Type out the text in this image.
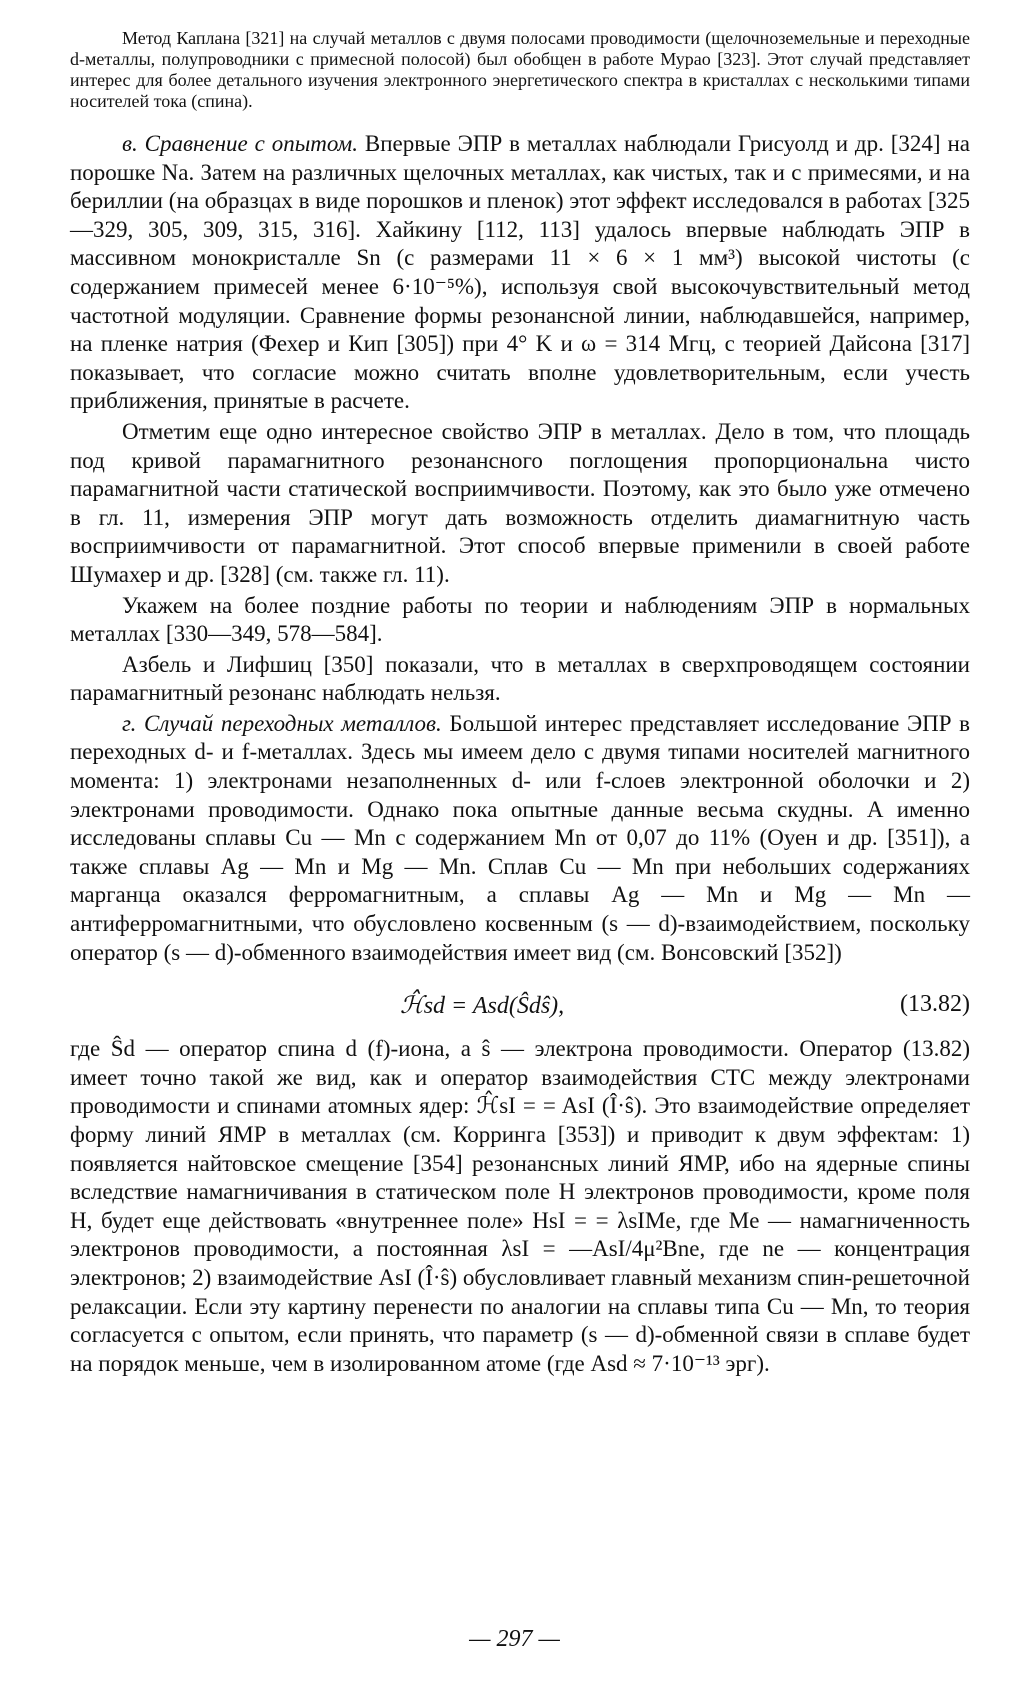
Метод Каплана [321] на случай металлов с двумя полосами проводимости (щелочноземельные и переходные d-металлы, полупроводники с примесной полосой) был обобщен в работе Мурао [323]. Этот случай представляет интерес для более детального изучения электронного энергетического спектра в кристаллах с несколькими типами носителей тока (спина).

в. Сравнение с опытом. Впервые ЭПР в металлах наблюдали Грисуолд и др. [324] на порошке Na. Затем на различных щелочных металлах, как чистых, так и с примесями, и на бериллии (на образцах в виде порошков и пленок) этот эффект исследовался в работах [325—329, 305, 309, 315, 316]. Хайкину [112, 113] удалось впервые наблюдать ЭПР в массивном монокристалле Sn (с размерами 11 × 6 × 1 мм³) высокой чистоты (с содержанием примесей менее 6·10⁻⁵%), используя свой высокочувствительный метод частотной модуляции. Сравнение формы резонансной линии, наблюдавшейся, например, на пленке натрия (Фехер и Кип [305]) при 4° K и ω = 314 Мгц, с теорией Дайсона [317] показывает, что согласие можно считать вполне удовлетворительным, если учесть приближения, принятые в расчете.

Отметим еще одно интересное свойство ЭПР в металлах. Дело в том, что площадь под кривой парамагнитного резонансного поглощения пропорциональна чисто парамагнитной части статической восприимчивости. Поэтому, как это было уже отмечено в гл. 11, измерения ЭПР могут дать возможность отделить диамагнитную часть восприимчивости от парамагнитной. Этот способ впервые применили в своей работе Шумахер и др. [328] (см. также гл. 11).

Укажем на более поздние работы по теории и наблюдениям ЭПР в нормальных металлах [330—349, 578—584].

Азбель и Лифшиц [350] показали, что в металлах в сверхпроводящем состоянии парамагнитный резонанс наблюдать нельзя.

г. Случай переходных металлов. Большой интерес представляет исследование ЭПР в переходных d- и f-металлах. Здесь мы имеем дело с двумя типами носителей магнитного момента: 1) электронами незаполненных d- или f-слоев электронной оболочки и 2) электронами проводимости. Однако пока опытные данные весьма скудны. А именно исследованы сплавы Cu — Mn с содержанием Mn от 0,07 до 11% (Оуен и др. [351]), а также сплавы Ag — Mn и Mg — Mn. Сплав Cu — Mn при небольших содержаниях марганца оказался ферромагнитным, а сплавы Ag — Mn и Mg — Mn — антиферромагнитными, что обусловлено косвенным (s — d)-взаимодействием, поскольку оператор (s — d)-обменного взаимодействия имеет вид (см. Вонсовский [352])

ℋ̂sd = Asd(Ŝdŝ),	(13.82)

где Ŝd — оператор спина d (f)-иона, а ŝ — электрона проводимости. Оператор (13.82) имеет точно такой же вид, как и оператор взаимодействия СТС между электронами проводимости и спинами атомных ядер: ℋ̂sI = = AsI (Î·ŝ). Это взаимодействие определяет форму линий ЯМР в металлах (см. Корринга [353]) и приводит к двум эффектам: 1) появляется найтовское смещение [354] резонансных линий ЯМР, ибо на ядерные спины вследствие намагничивания в статическом поле H электронов проводимости, кроме поля H, будет еще действовать «внутреннее поле» HsI = = λsIMe, где Me — намагниченность электронов проводимости, а постоянная λsI = —AsI/4μ²Bne, где ne — концентрация электронов; 2) взаимодействие AsI (Î·ŝ) обусловливает главный механизм спин-решеточной релаксации. Если эту картину перенести по аналогии на сплавы типа Cu — Mn, то теория согласуется с опытом, если принять, что параметр (s — d)-обменной связи в сплаве будет на порядок меньше, чем в изолированном атоме (где Asd ≈ 7·10⁻¹³ эрг).

— 297 —
